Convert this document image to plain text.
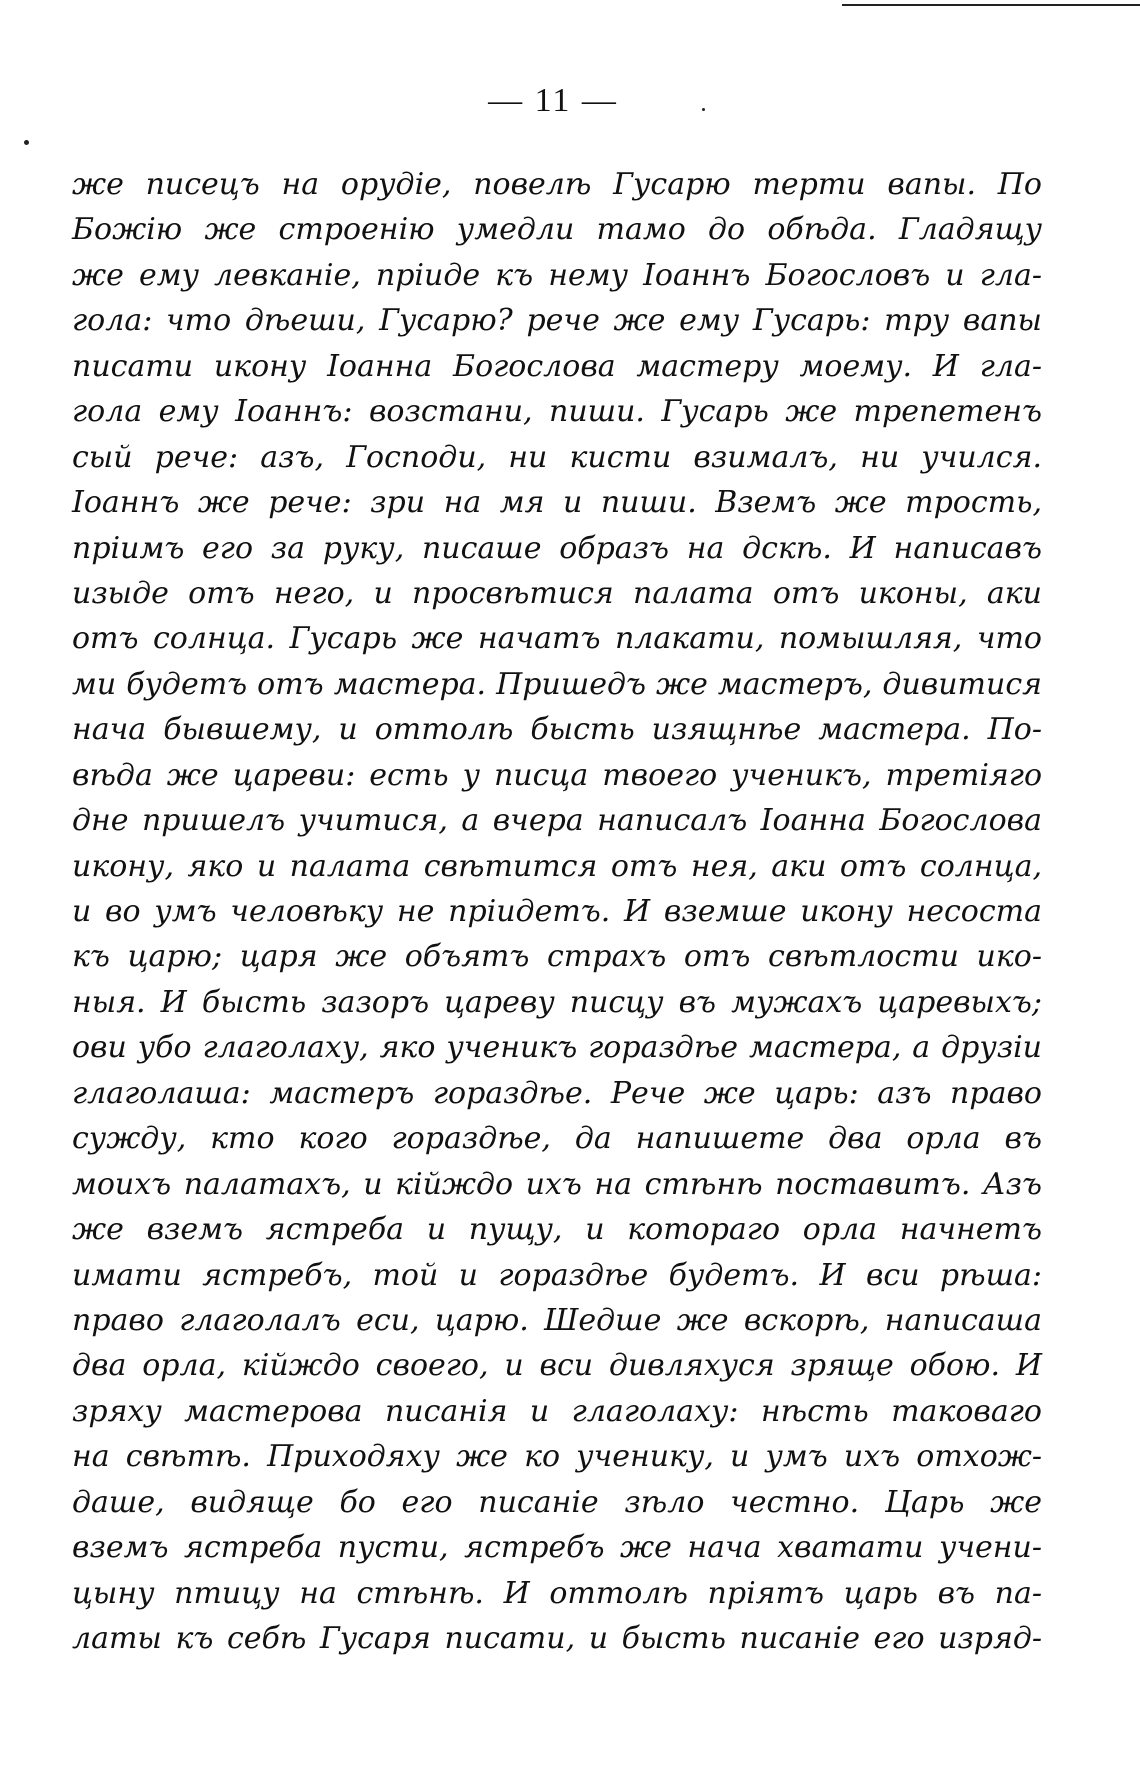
— 11 —
же писецъ на орудіе, повелѣ Гусарю терти вапы. По
Божію же строенію умедли тамо до обѣда. Гладящу
же ему левканіе, пріиде къ нему Іоаннъ Богословъ и гла-
гола: что дѣеши, Гусарю? рече же ему Гусарь: тру вапы
писати икону Іоанна Богослова мастеру моему. И гла-
гола ему Іоаннъ: возстани, пиши. Гусарь же трепетенъ
сый рече: азъ, Господи, ни кисти взималъ, ни учился.
Іоаннъ же рече: зри на мя и пиши. Вземъ же трость,
пріимъ его за руку, писаше образъ на дскѣ. И написавъ
изыде отъ него, и просвѣтися палата отъ иконы, аки
отъ солнца. Гусарь же начатъ плакати, помышляя, что
ми будетъ отъ мастера. Пришедъ же мастеръ, дивитися
нача бывшему, и оттолѣ бысть изящнѣе мастера. По-
вѣда же цареви: есть у писца твоего ученикъ, третіяго
дне пришелъ учитися, а вчера написалъ Іоанна Богослова
икону, яко и палата свѣтится отъ нея, аки отъ солнца,
и во умъ человѣку не пріидетъ. И вземше икону несоста
къ царю; царя же объятъ страхъ отъ свѣтлости ико-
ныя. И бысть зазоръ цареву писцу въ мужахъ царевыхъ;
ови убо глаголаху, яко ученикъ гораздѣе мастера, а друзіи
глаголаша: мастеръ гораздѣе. Рече же царь: азъ право
сужду, кто кого гораздѣе, да напишете два орла въ
моихъ палатахъ, и кійждо ихъ на стѣнѣ поставитъ. Азъ
же вземъ ястреба и пущу, и котораго орла начнетъ
имати ястребъ, той и гораздѣе будетъ. И вси рѣша:
право глаголалъ еси, царю. Шедше же вскорѣ, написаша
два орла, кійждо своего, и вси дивляхуся зряще обою. И
зряху мастерова писанія и глаголаху: нѣсть таковаго
на свѣтѣ. Приходяху же ко ученику, и умъ ихъ отхож-
даше, видяще бо его писаніе зѣло честно. Царь же
вземъ ястреба пусти, ястребъ же нача хватати учени-
цыну птицу на стѣнѣ. И оттолѣ пріятъ царь въ па-
латы къ себѣ Гусаря писати, и бысть писаніе его изряд-
